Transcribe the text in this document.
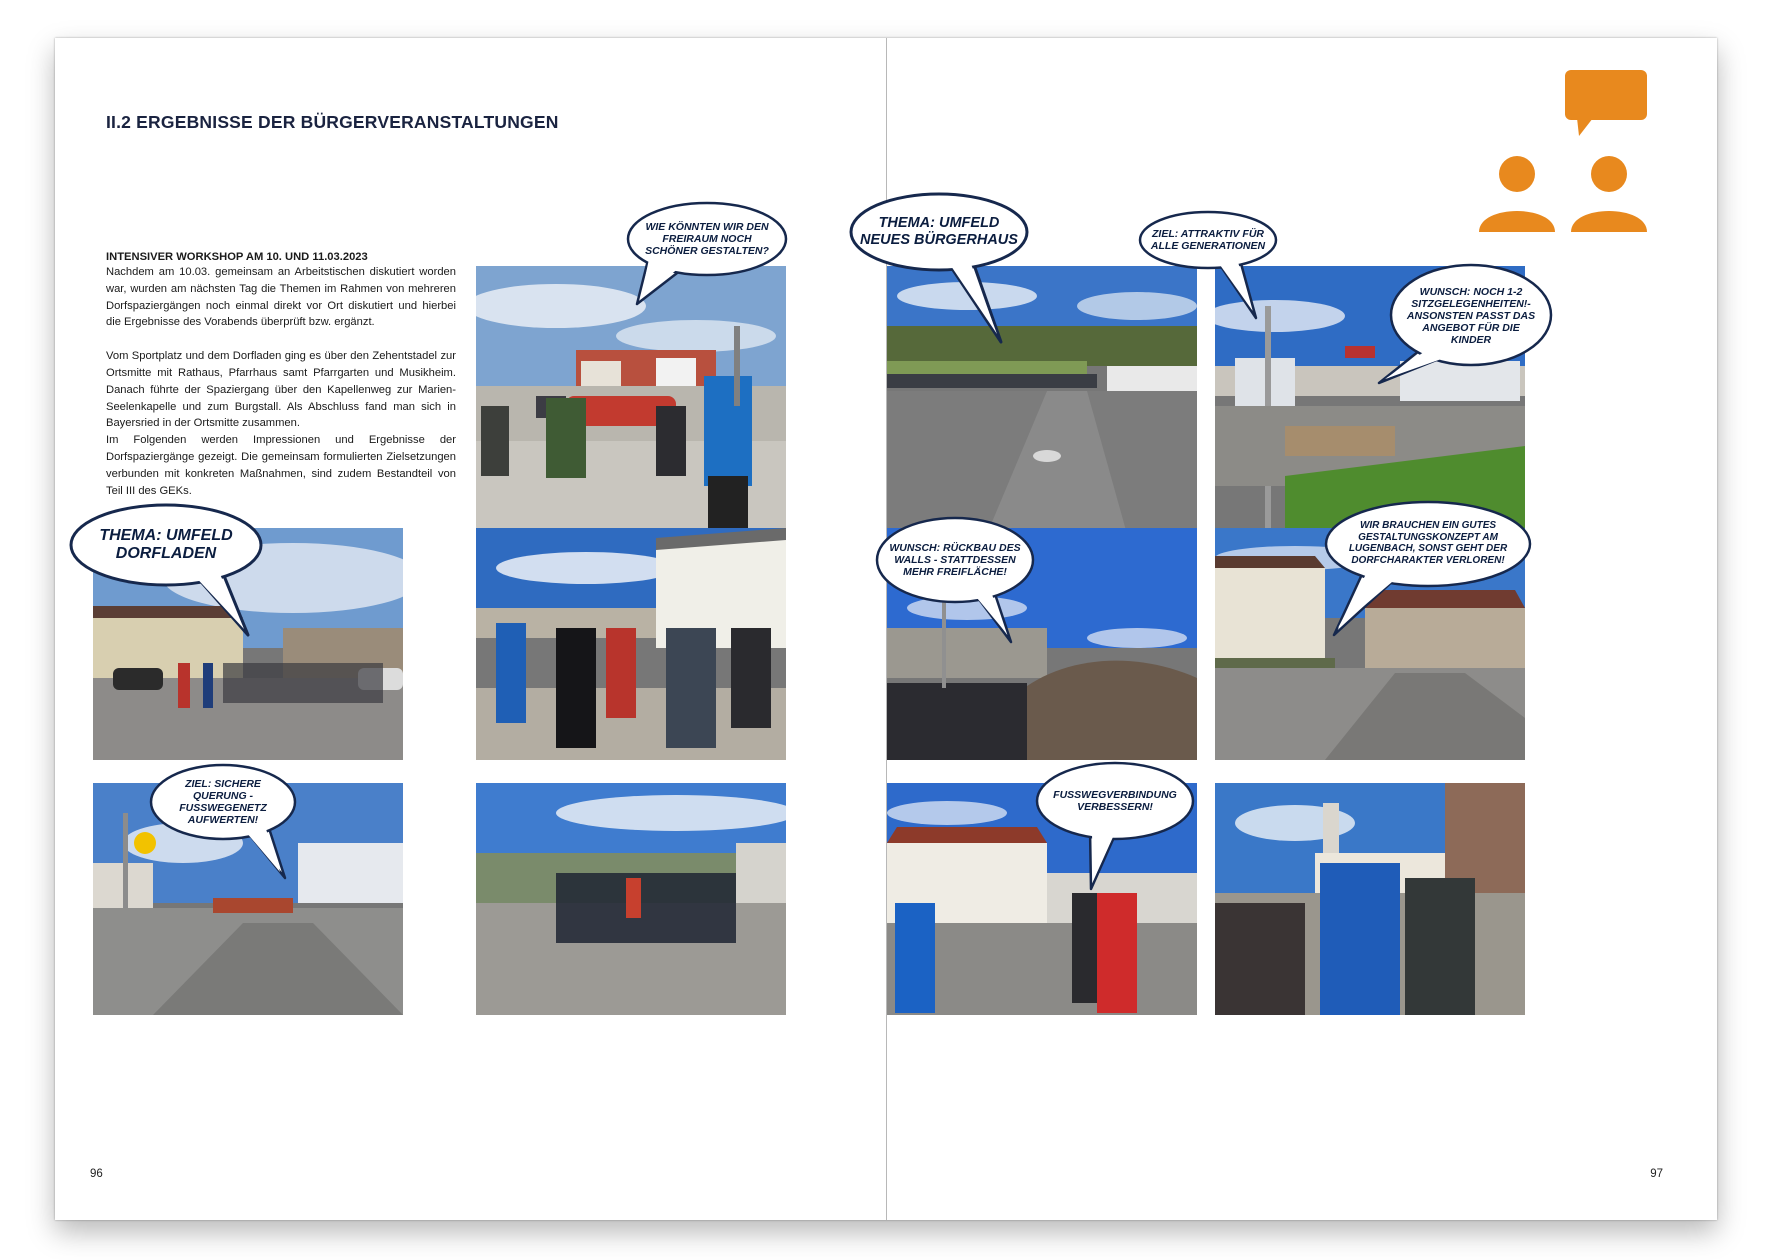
II.2 ERGEBNISSE DER BÜRGERVERANSTALTUNGEN
INTENSIVER WORKSHOP AM 10. UND 11.03.2023

Nachdem am 10.03. gemeinsam an Arbeitstischen diskutiert worden war, wurden am nächsten Tag die Themen im Rahmen von mehreren Dorfspaziergängen noch einmal direkt vor Ort diskutiert und hierbei die Ergebnisse des Vorabends überprüft bzw. ergänzt.

Vom Sportplatz und dem Dorfladen ging es über den Zehentstadel zur Ortsmitte mit Rathaus, Pfarrhaus samt Pfarrgarten und Musikheim. Danach führte der Spaziergang über den Kapellenweg zur Marien-Seelenkapelle und zum Burgstall. Als Abschluss fand man sich in Bayersried in der Ortsmitte zusammen.

Im Folgenden werden Impressionen und Ergebnisse der Dorfspaziergänge gezeigt. Die gemeinsam formulierten Zielsetzungen verbunden mit konkreten Maßnahmen, sind zudem Bestandteil von Teil III des GEKs.

WIE KÖNNTEN WIR DEN FREIRAUM NOCH SCHÖNER GESTALTEN?
THEMA: UMFELD DORFLADEN
ZIEL: SICHERE QUERUNG - FUSSWEGENETZ AUFWERTEN!
96
THEMA: UMFELD NEUES BÜRGERHAUS	ZIEL: ATTRAKTIV FÜR ALLE GENERATIONEN
WUNSCH: NOCH 1-2 SITZGELEGENHEITEN!- ANSONSTEN PASST DAS ANGEBOT FÜR DIE KINDER
WUNSCH: RÜCKBAU DES WALLS - STATTDESSEN MEHR FREIFLÄCHE!
WIR BRAUCHEN EIN GUTES GESTALTUNGSKONZEPT AM LUGENBACH, SONST GEHT DER DORFCHARAKTER VERLOREN!
FUSSWEGVERBINDUNG VERBESSERN!
97
